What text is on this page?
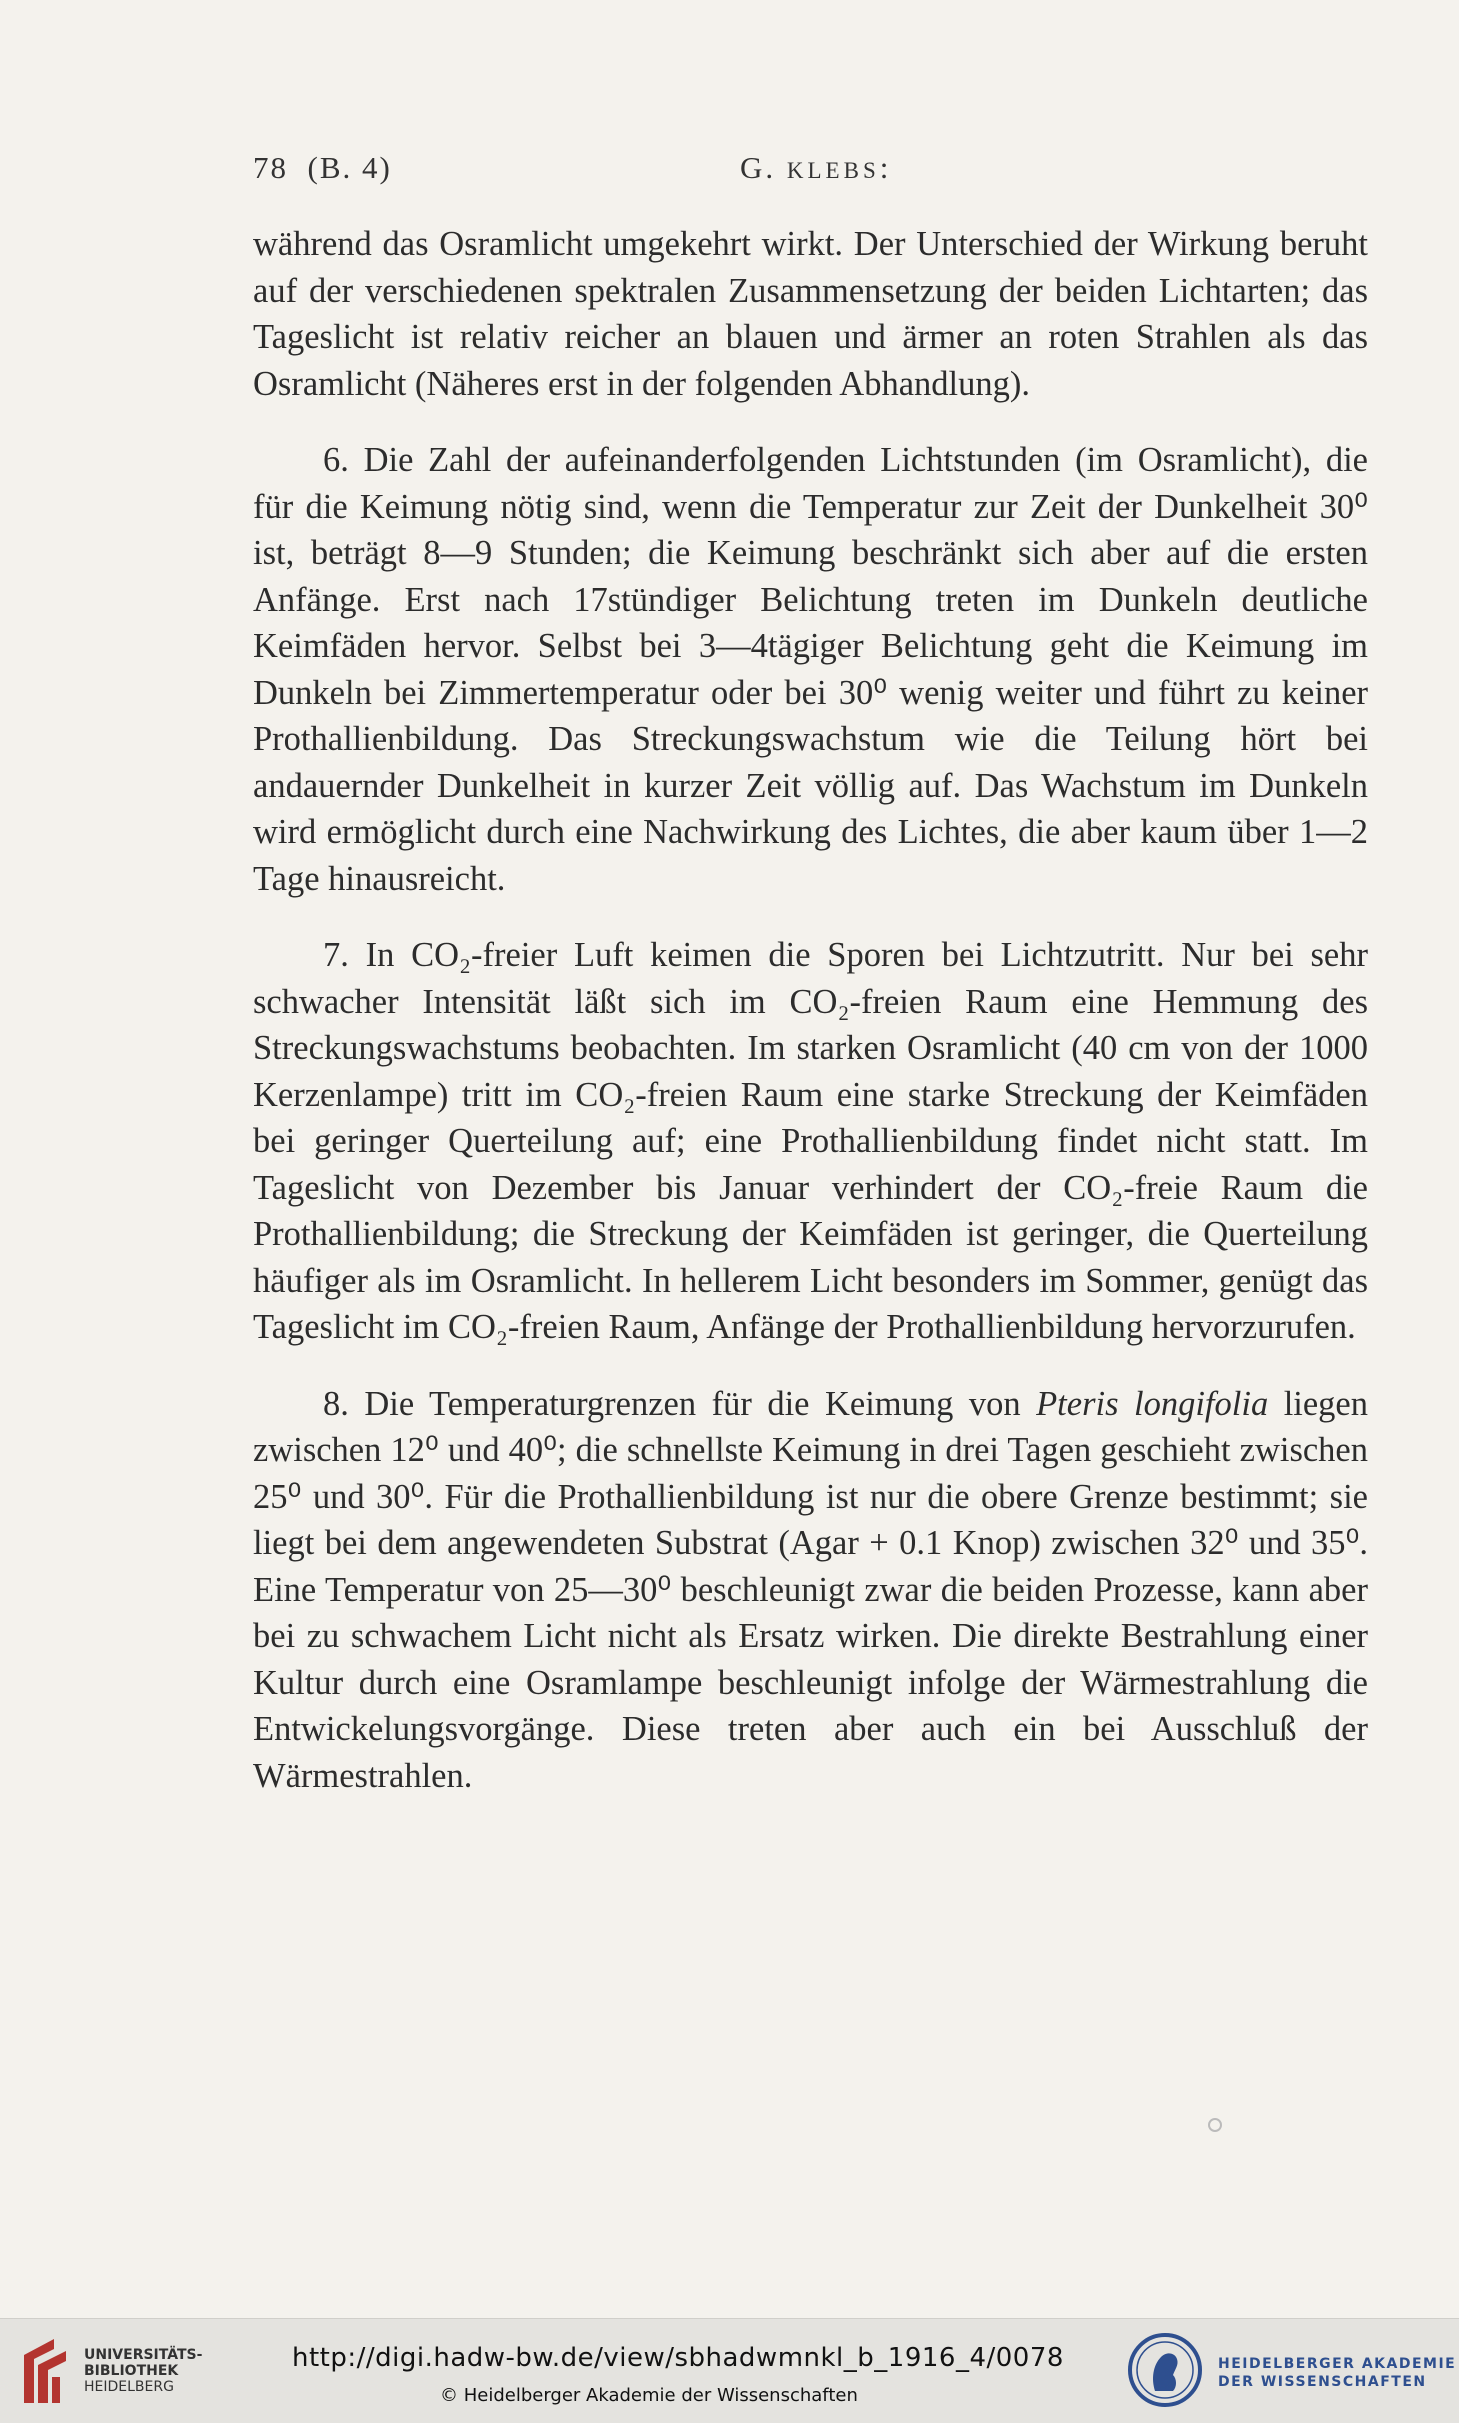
78 (B. 4)	G. KLEBS:

während das Osramlicht umgekehrt wirkt. Der Unterschied der Wirkung beruht auf der verschiedenen spektralen Zusammensetzung der beiden Lichtarten; das Tageslicht ist relativ reicher an blauen und ärmer an roten Strahlen als das Osramlicht (Näheres erst in der folgenden Abhandlung).

6. Die Zahl der aufeinanderfolgenden Lichtstunden (im Osramlicht), die für die Keimung nötig sind, wenn die Temperatur zur Zeit der Dunkelheit 30⁰ ist, beträgt 8—9 Stunden; die Keimung beschränkt sich aber auf die ersten Anfänge. Erst nach 17stündiger Belichtung treten im Dunkeln deutliche Keimfäden hervor. Selbst bei 3—4tägiger Belichtung geht die Keimung im Dunkeln bei Zimmertemperatur oder bei 30⁰ wenig weiter und führt zu keiner Prothallienbildung. Das Streckungswachstum wie die Teilung hört bei andauernder Dunkelheit in kurzer Zeit völlig auf. Das Wachstum im Dunkeln wird ermöglicht durch eine Nachwirkung des Lichtes, die aber kaum über 1—2 Tage hinausreicht.

7. In CO₂-freier Luft keimen die Sporen bei Lichtzutritt. Nur bei sehr schwacher Intensität läßt sich im CO₂-freien Raum eine Hemmung des Streckungswachstums beobachten. Im starken Osramlicht (40 cm von der 1000 Kerzenlampe) tritt im CO₂-freien Raum eine starke Streckung der Keimfäden bei geringer Querteilung auf; eine Prothallienbildung findet nicht statt. Im Tageslicht von Dezember bis Januar verhindert der CO₂-freie Raum die Prothallienbildung; die Streckung der Keimfäden ist geringer, die Querteilung häufiger als im Osramlicht. In hellerem Licht besonders im Sommer, genügt das Tageslicht im CO₂-freien Raum, Anfänge der Prothallienbildung hervorzurufen.

8. Die Temperaturgrenzen für die Keimung von Pteris longifolia liegen zwischen 12⁰ und 40⁰; die schnellste Keimung in drei Tagen geschieht zwischen 25⁰ und 30⁰. Für die Prothallienbildung ist nur die obere Grenze bestimmt; sie liegt bei dem angewendeten Substrat (Agar + 0.1 Knop) zwischen 32⁰ und 35⁰. Eine Temperatur von 25—30⁰ beschleunigt zwar die beiden Prozesse, kann aber bei zu schwachem Licht nicht als Ersatz wirken. Die direkte Bestrahlung einer Kultur durch eine Osramlampe beschleunigt infolge der Wärmestrahlung die Entwickelungsvorgänge. Diese treten aber auch ein bei Ausschluß der Wärmestrahlen.

UNIVERSITÄTS-
BIBLIOTHEK
HEIDELBERG
http://digi.hadw-bw.de/view/sbhadwmnkl_b_1916_4/0078
© Heidelberger Akademie der Wissenschaften
HEIDELBERGER AKADEMIE
DER WISSENSCHAFTEN
